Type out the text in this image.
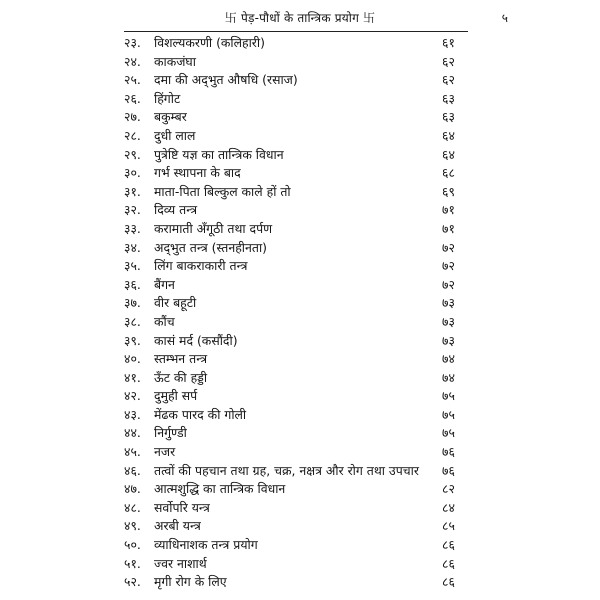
卐 पेड़-पौधों के तान्त्रिक प्रयोग 卐	५
२३. विशल्यकरणी (कलिहारी)	६१
२४. काकजंघा	६२
२५. दमा की अद्‌भुत औषधि (रसाज)	६२
२६. हिंगोट	६३
२७. बकुम्बर	६३
२८. दुधी लाल	६४
२९. पुत्रेष्टि यज्ञ का तान्त्रिक विधान	६४
३०. गर्भ स्थापना के बाद	६८
३१. माता-पिता बिल्कुल काले हों तो	६९
३२. दिव्य तन्त्र	७१
३३. करामाती अँगूठी तथा दर्पण	७१
३४. अद्‌भुत तन्त्र (स्तनहीनता)	७२
३५. लिंग बाकराकारी तन्त्र	७२
३६. बैंगन	७२
३७. वीर बहूटी	७३
३८. कौंच	७३
३९. कासं मर्द (कसौंदी)	७३
४०. स्तम्भन तन्त्र	७४
४१. ऊँट की हड्डी	७४
४२. दुमुही सर्प	७५
४३. मेंढक पारद की गोली	७५
४४. निर्गुण्डी	७५
४५. नजर	७६
४६. तत्वों की पहचान तथा ग्रह, चक्र, नक्षत्र और रोग तथा उपचार ७६
४७. आत्मशुद्धि का तान्त्रिक विधान	८२
४८. सर्वोपरि यन्त्र	८४
४९. अरबी यन्त्र	८५
५०. व्याधिनाशक तन्त्र प्रयोग	८६
५१. ज्वर नाशार्थ	८६
५२. मृगी रोग के लिए	८६
